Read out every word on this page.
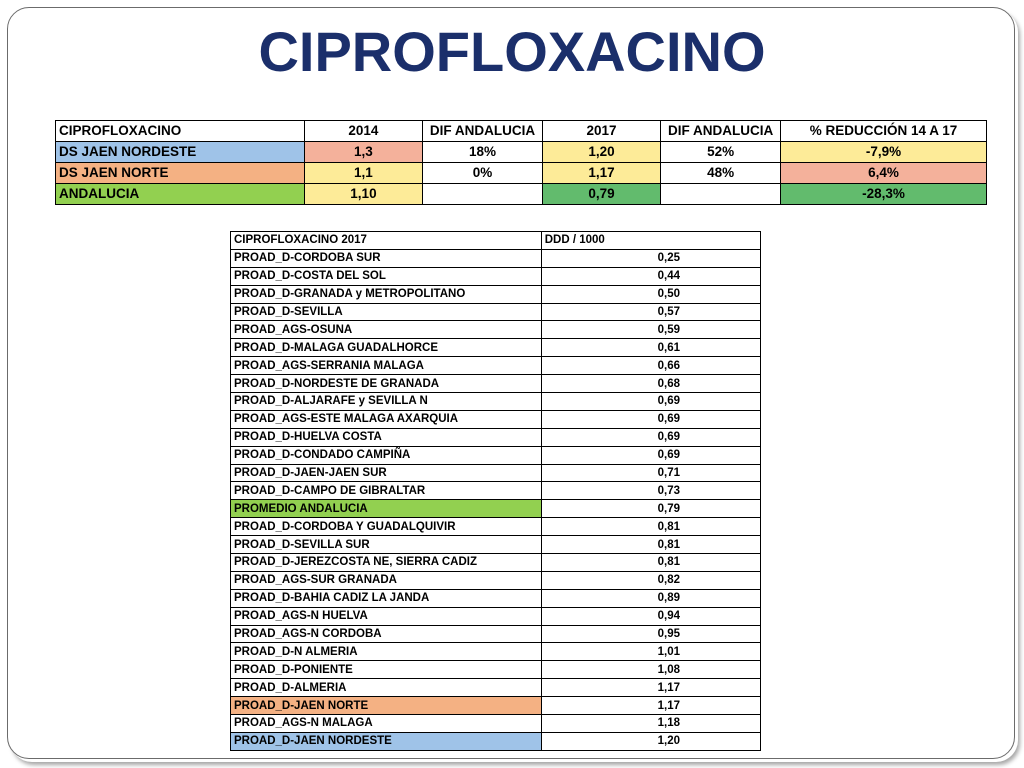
CIPROFLOXACINO
CIPROFLOXACINO	2014	DIF ANDALUCIA	2017	DIF ANDALUCIA	% REDUCCIÓN 14 A 17
DS JAEN NORDESTE	1,3	18%	1,20	52%	-7,9%
DS JAEN NORTE	1,1	0%	1,17	48%	6,4%
ANDALUCIA	1,10		0,79		-28,3%
CIPROFLOXACINO 2017	DDD / 1000
PROAD_D-CORDOBA SUR	0,25
PROAD_D-COSTA DEL SOL	0,44
PROAD_D-GRANADA y METROPOLITANO	0,50
PROAD_D-SEVILLA	0,57
PROAD_AGS-OSUNA	0,59
PROAD_D-MALAGA GUADALHORCE	0,61
PROAD_AGS-SERRANIA MALAGA	0,66
PROAD_D-NORDESTE DE GRANADA	0,68
PROAD_D-ALJARAFE y SEVILLA N	0,69
PROAD_AGS-ESTE MALAGA AXARQUIA	0,69
PROAD_D-HUELVA COSTA	0,69
PROAD_D-CONDADO CAMPIÑA	0,69
PROAD_D-JAEN-JAEN SUR	0,71
PROAD_D-CAMPO DE GIBRALTAR	0,73
PROMEDIO ANDALUCIA	0,79
PROAD_D-CORDOBA Y GUADALQUIVIR	0,81
PROAD_D-SEVILLA SUR	0,81
PROAD_D-JEREZCOSTA NE, SIERRA CADIZ	0,81
PROAD_AGS-SUR GRANADA	0,82
PROAD_D-BAHIA CADIZ LA JANDA	0,89
PROAD_AGS-N HUELVA	0,94
PROAD_AGS-N CORDOBA	0,95
PROAD_D-N ALMERIA	1,01
PROAD_D-PONIENTE	1,08
PROAD_D-ALMERIA	1,17
PROAD_D-JAEN NORTE	1,17
PROAD_AGS-N MALAGA	1,18
PROAD_D-JAEN NORDESTE	1,20
